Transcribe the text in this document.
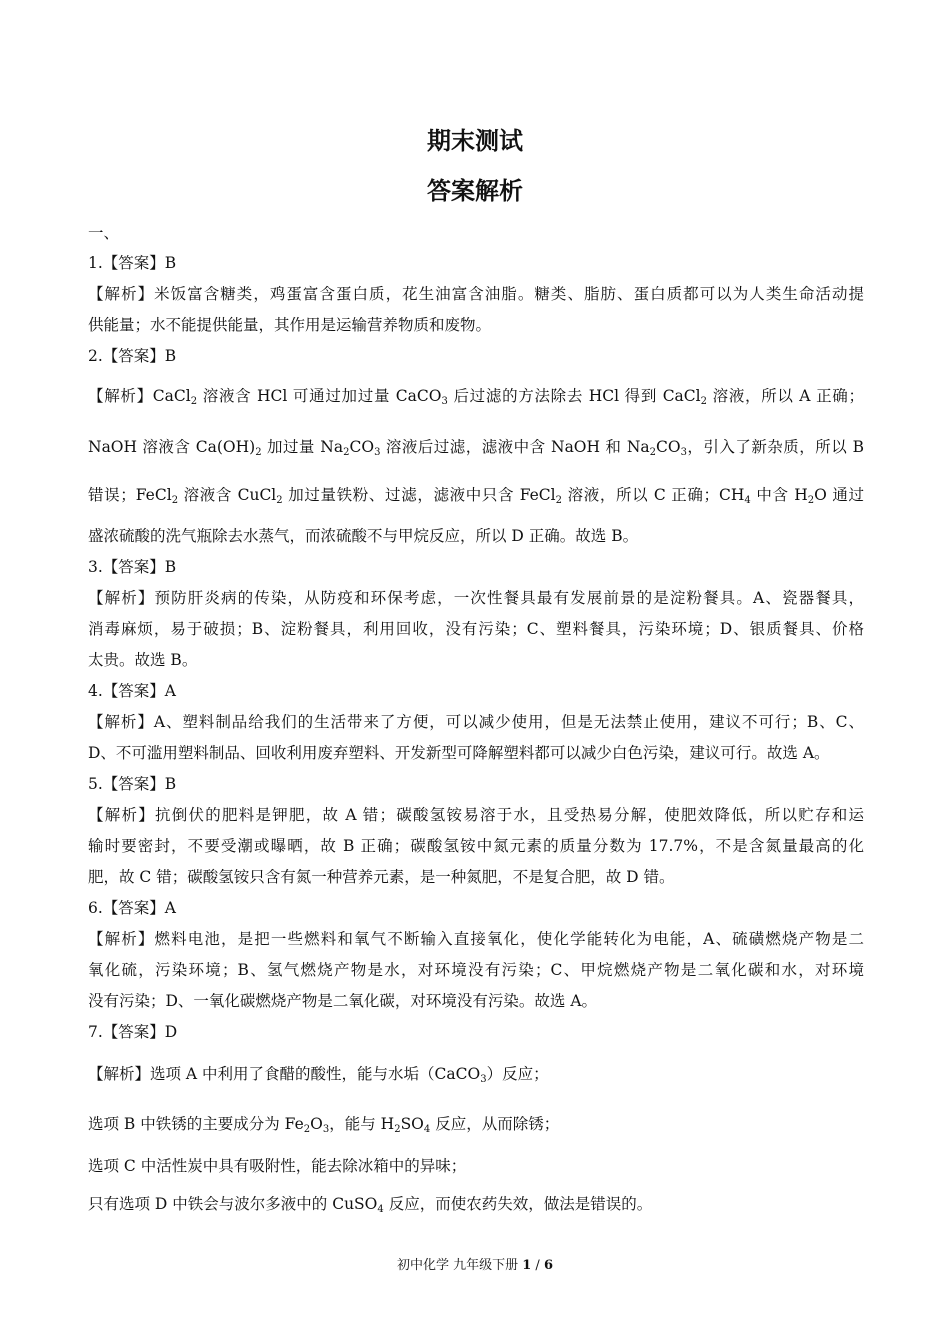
期末测试
答案解析

一、

1.【答案】B

【解析】米饭富含糖类，鸡蛋富含蛋白质，花生油富含油脂。糖类、脂肪、蛋白质都可以为人类生命活动提

供能量；水不能提供能量，其作用是运输营养物质和废物。

2.【答案】B

【解析】CaCl$_2$ 溶液含 HCl 可通过加过量 CaCO$_3$ 后过滤的方法除去 HCl 得到 CaCl$_2$ 溶液，所以 A 正确；

NaOH 溶液含 $Ca(OH)_2$ 加过量 $Na_2CO_3$ 溶液后过滤，滤液中含 NaOH 和 $Na_2CO_3$，引入了新杂质，所以 B

错误；FeCl$_2$ 溶液含 CuCl$_2$ 加过量铁粉、过滤，滤液中只含 FeCl$_2$ 溶液，所以 C 正确；$CH_4$ 中含 $H_2O$ 通过

盛浓硫酸的洗气瓶除去水蒸气，而浓硫酸不与甲烷反应，所以 D 正确。故选 B。

3.【答案】B

【解析】预防肝炎病的传染，从防疫和环保考虑，一次性餐具最有发展前景的是淀粉餐具。A、瓷器餐具，

消毒麻烦，易于破损；B、淀粉餐具，利用回收，没有污染；C、塑料餐具，污染环境；D、银质餐具、价格

太贵。故选 B。

4.【答案】A

【解析】A、塑料制品给我们的生活带来了方便，可以减少使用，但是无法禁止使用，建议不可行；B、C、

D、不可滥用塑料制品、回收利用废弃塑料、开发新型可降解塑料都可以减少白色污染，建议可行。故选 A。

5.【答案】B

【解析】抗倒伏的肥料是钾肥，故 A 错；碳酸氢铵易溶于水，且受热易分解，使肥效降低，所以贮存和运

输时要密封，不要受潮或曝晒，故 B 正确；碳酸氢铵中氮元素的质量分数为 17.7%，不是含氮量最高的化

肥，故 C 错；碳酸氢铵只含有氮一种营养元素，是一种氮肥，不是复合肥，故 D 错。

6.【答案】A

【解析】燃料电池，是把一些燃料和氧气不断输入直接氧化，使化学能转化为电能，A、硫磺燃烧产物是二

氧化硫，污染环境；B、氢气燃烧产物是水，对环境没有污染；C、甲烷燃烧产物是二氧化碳和水，对环境

没有污染；D、一氧化碳燃烧产物是二氧化碳，对环境没有污染。故选 A。

7.【答案】D

【解析】选项 A 中利用了食醋的酸性，能与水垢（CaCO$_3$）反应；

选项 B 中铁锈的主要成分为 $Fe_2O_3$，能与 $H_2SO_4$ 反应，从而除锈；

选项 C 中活性炭中具有吸附性，能去除冰箱中的异味；

只有选项 D 中铁会与波尔多液中的 CuSO$_4$ 反应，而使农药失效，做法是错误的。

初中化学 九年级下册 1 / 6
